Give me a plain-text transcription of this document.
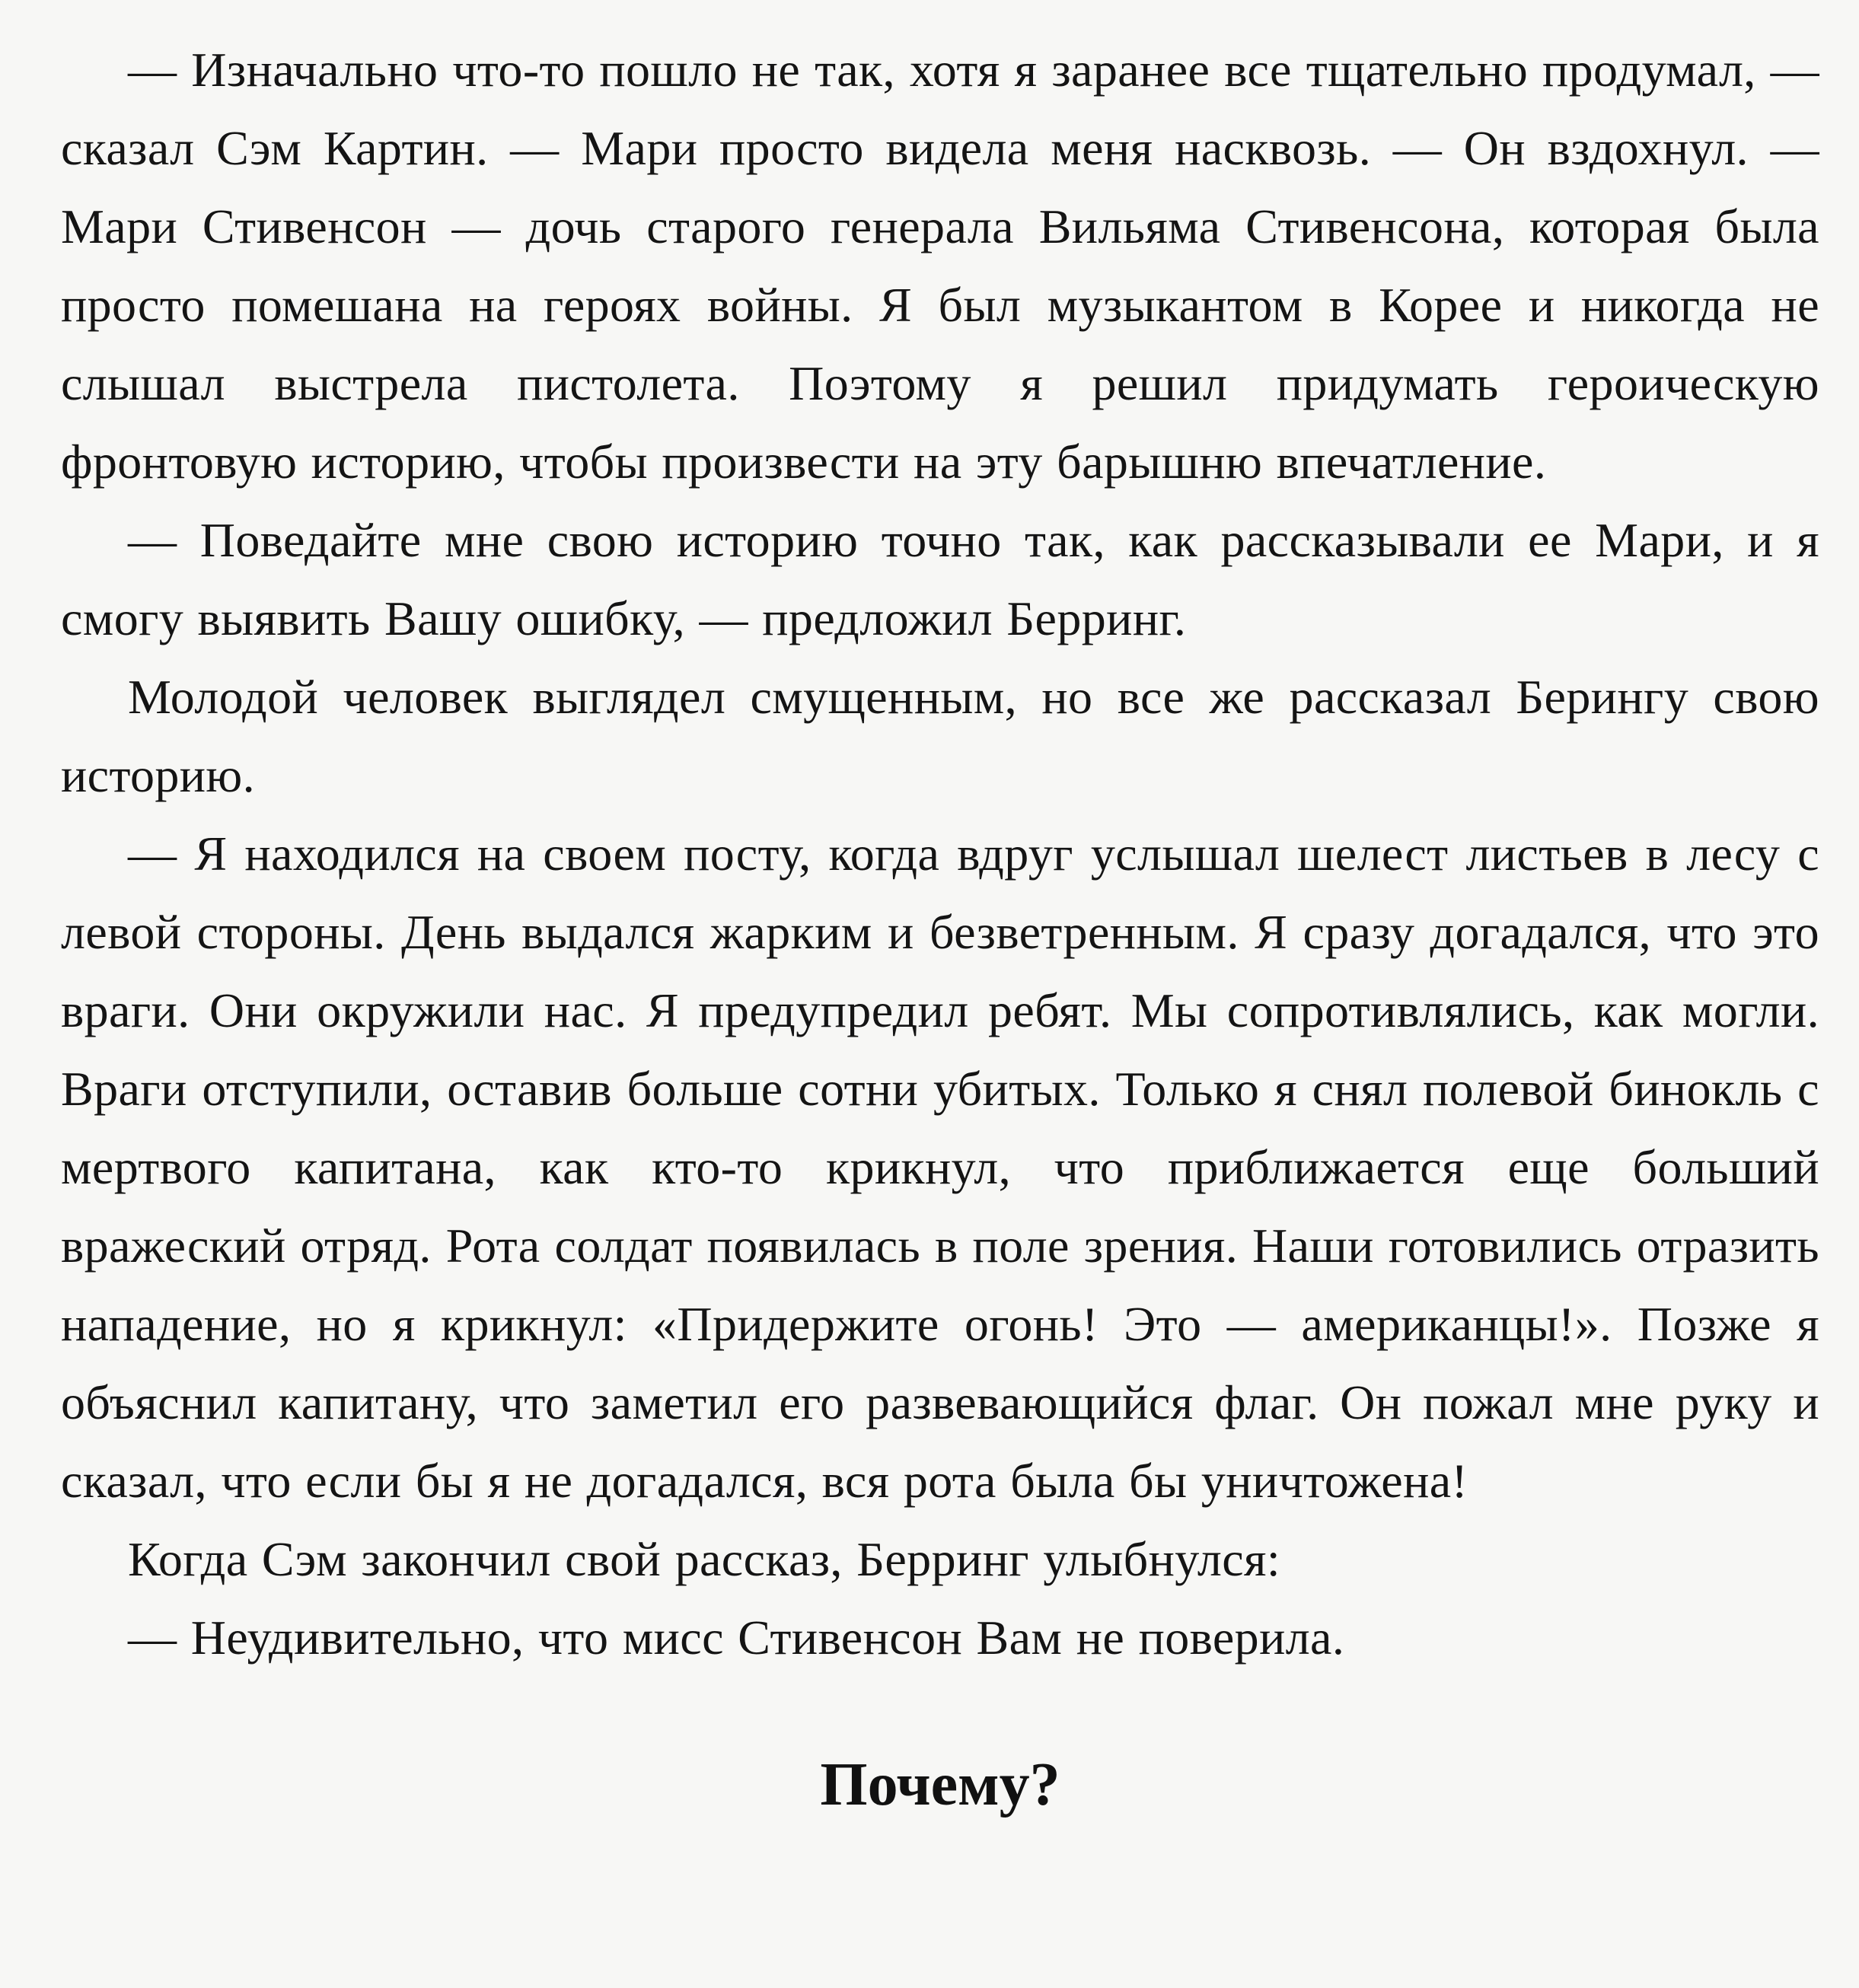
— Изначально что-то пошло не так, хотя я заранее все тщательно продумал, — сказал Сэм Картин. — Мари просто видела меня насквозь. — Он вздохнул. — Мари Стивенсон — дочь старого генерала Вильяма Стивенсона, которая была просто помешана на героях войны. Я был музыкантом в Корее и никогда не слышал выстрела пистолета. Поэтому я решил придумать героическую фронтовую историю, чтобы произвести на эту барышню впечатление.

— Поведайте мне свою историю точно так, как рассказывали ее Мари, и я смогу выявить Вашу ошибку, — предложил Берринг.

Молодой человек выглядел смущенным, но все же рассказал Берингу свою историю.

— Я находился на своем посту, когда вдруг услышал шелест листьев в лесу с левой стороны. День выдался жарким и безветренным. Я сразу догадался, что это враги. Они окружили нас. Я предупредил ребят. Мы сопротивлялись, как могли. Враги отступили, оставив больше сотни убитых. Только я снял полевой бинокль с мертвого капитана, как кто-то крикнул, что приближается еще больший вражеский отряд. Рота солдат появилась в поле зрения. Наши готовились отразить нападение, но я крикнул: «Придержите огонь! Это — американцы!». Позже я объяснил капитану, что заметил его развевающийся флаг. Он пожал мне руку и сказал, что если бы я не догадался, вся рота была бы уничтожена!

Когда Сэм закончил свой рассказ, Берринг улыбнулся:

— Неудивительно, что мисс Стивенсон Вам не поверила.

Почему?
